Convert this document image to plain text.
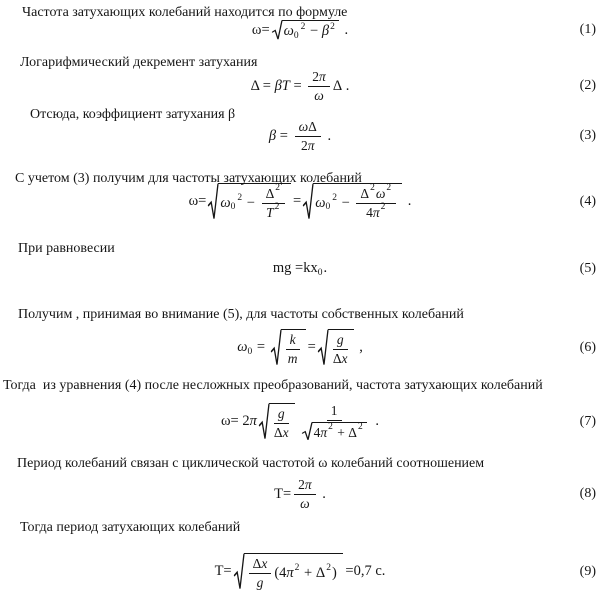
Частота затухающих колебаний находится по формуле
Логарифмический декремент затухания
Отсюда, коэффициент затухания β
С учетом (3) получим для частоты затухающих колебаний
При равновесии
Получим , принимая во внимание (5), для частоты собственных колебаний
Тогда  из уравнения (4) после несложных преобразований, частота затухающих колебаний
Период колебаний связан с циклической частотой ω колебаний соотношением
Тогда период затухающих колебаний
ω= ω 0
2 − β 2 .	(1)
$\Delta = \beta T = \frac{2 \pi}{\omega}$ Δ .	(2)
$\beta = \frac{\text{ω Δ}}{2 \pi}$ .	(3)
ω= ω 0
$2 - \frac{\Delta 2}{T 2} = \omega$ 0
$2 - \frac{\Delta 2 \omega 2}{4 \pi 2}$ .	(4)
mg =kx 0 .	(5)
ω $0 = \frac{k}{m} = \frac{g}{\text{Δ x}}$ ,	(6)
ω= 2 π $\frac{g}{\text{Δ x}}$	1
4 π 2 + Δ 2 .	(7)
$T= \frac{2 \pi}{\omega}$ .	(8)
$T= \frac{\text{Δ x}}{g} (4$ π 2 + Δ 2 ) =0,7 с.	(9)
